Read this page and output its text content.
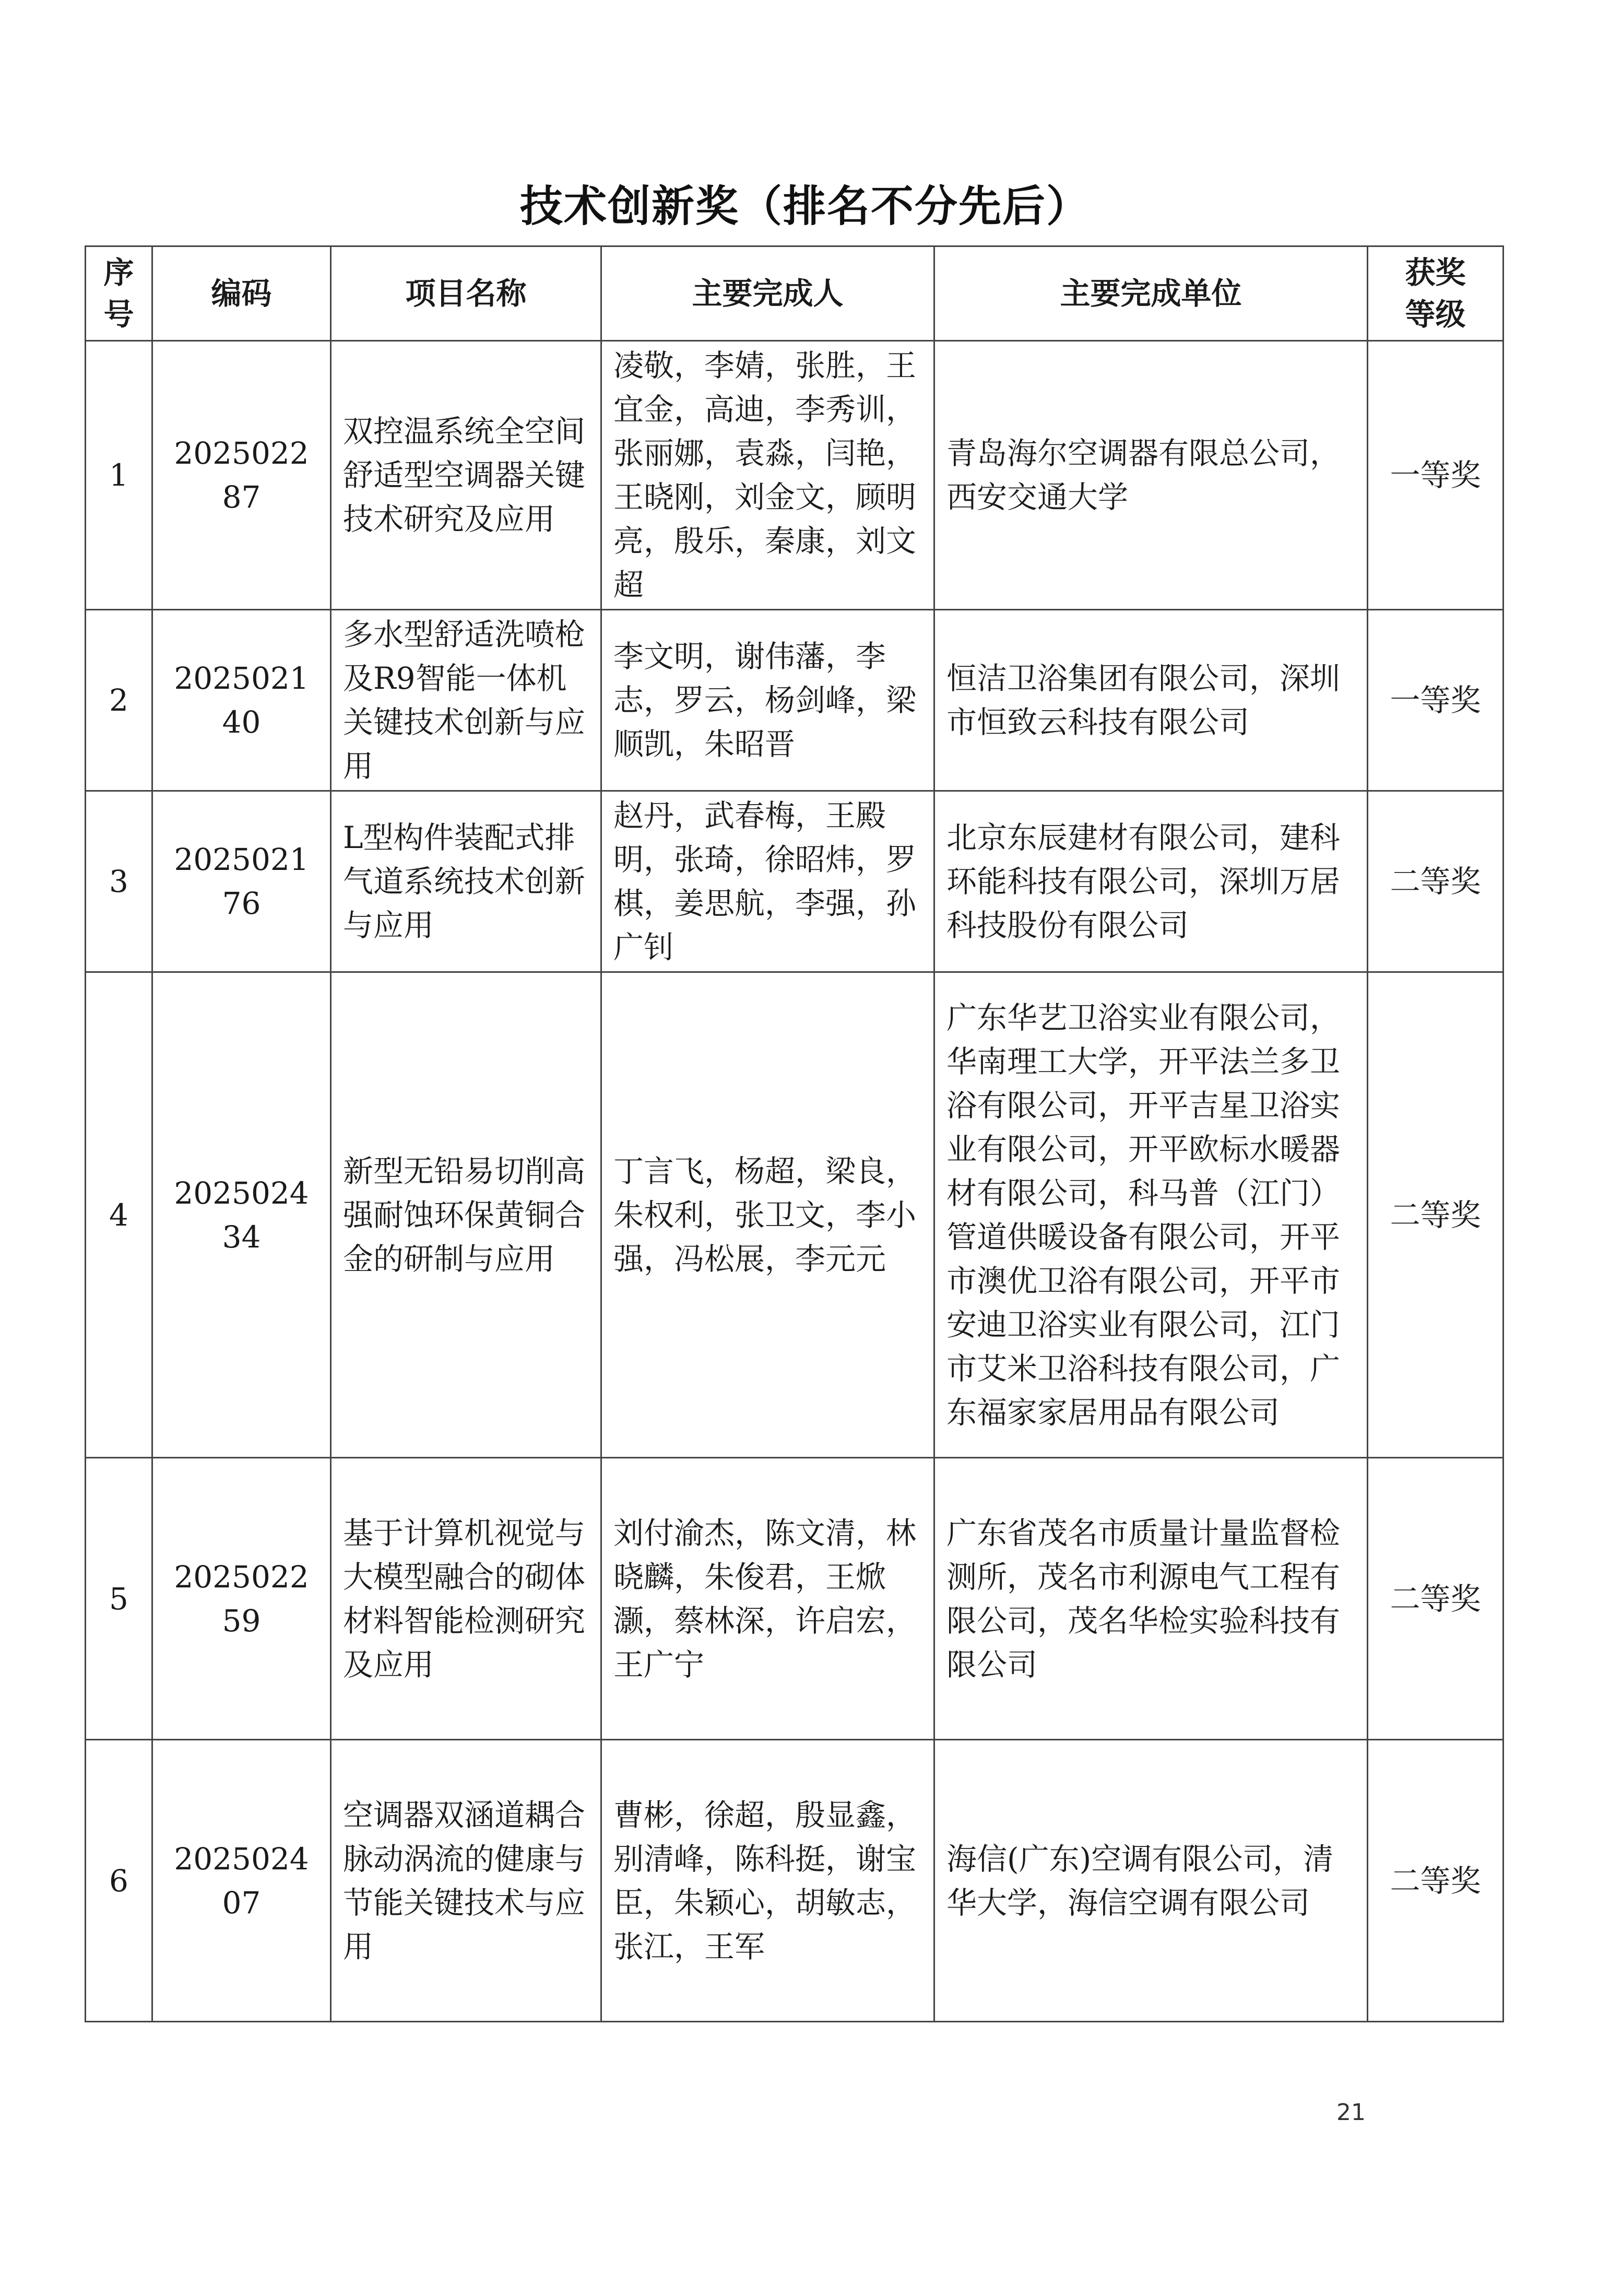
技术创新奖（排名不分先后）
序号	编码	项目名称	主要完成人	主要完成单位	获奖等级
1	202502287	双控温系统全空间舒适型空调器关键技术研究及应用	凌敬，李婧，张胜，王宜金，高迪，李秀训，张丽娜，袁淼，闫艳，王晓刚，刘金文，顾明亮，殷乐，秦康，刘文超	青岛海尔空调器有限总公司，西安交通大学	一等奖
2	202502140	多水型舒适洗喷枪及R9智能一体机关键技术创新与应用	李文明，谢伟藩，李志，罗云，杨剑峰，梁顺凯，朱昭晋	恒洁卫浴集团有限公司，深圳市恒致云科技有限公司	一等奖
3	202502176	L型构件装配式排气道系统技术创新与应用	赵丹，武春梅，王殿明，张琦，徐昭炜，罗棋，姜思航，李强，孙广钊	北京东辰建材有限公司，建科环能科技有限公司，深圳万居科技股份有限公司	二等奖
4	202502434	新型无铅易切削高强耐蚀环保黄铜合金的研制与应用	丁言飞，杨超，梁良，朱权利，张卫文，李小强，冯松展，李元元	广东华艺卫浴实业有限公司，华南理工大学，开平法兰多卫浴有限公司，开平吉星卫浴实业有限公司，开平欧标水暖器材有限公司，科马普（江门）管道供暖设备有限公司，开平市澳优卫浴有限公司，开平市安迪卫浴实业有限公司，江门市艾米卫浴科技有限公司，广东福家家居用品有限公司	二等奖
5	202502259	基于计算机视觉与大模型融合的砌体材料智能检测研究及应用	刘付渝杰，陈文清，林晓麟，朱俊君，王焮灏，蔡林深，许启宏，王广宁	广东省茂名市质量计量监督检测所，茂名市利源电气工程有限公司，茂名华检实验科技有限公司	二等奖
6	202502407	空调器双涵道耦合脉动涡流的健康与节能关键技术与应用	曹彬，徐超，殷显鑫，别清峰，陈科挺，谢宝臣，朱颖心，胡敏志，张江，王军	海信(广东)空调有限公司，清华大学，海信空调有限公司	二等奖
21
